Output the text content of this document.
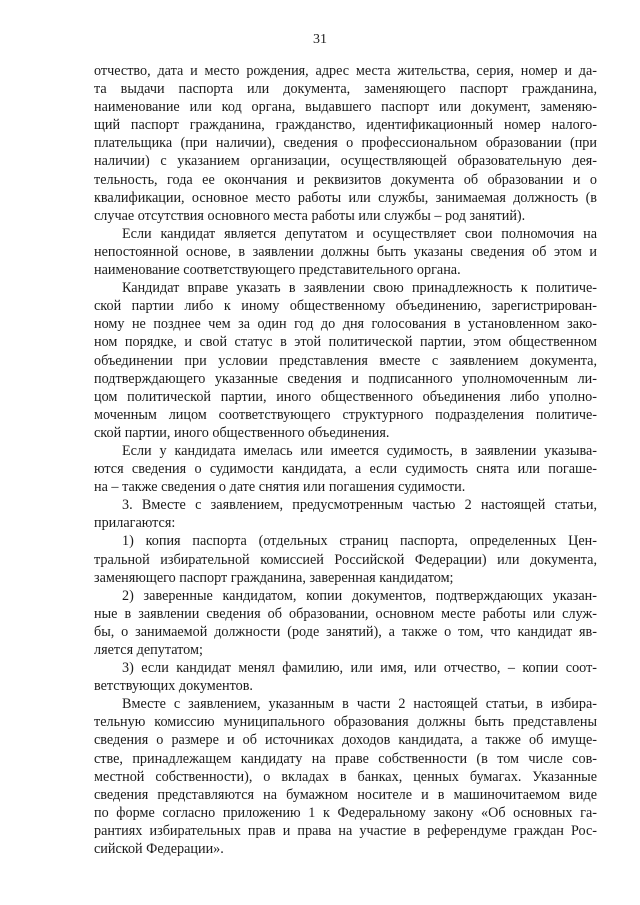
31
отчество, дата и место рождения, адрес места жительства, серия, номер и да-
та выдачи паспорта или документа, заменяющего паспорт гражданина,
наименование или код органа, выдавшего паспорт или документ, заменяю-
щий паспорт гражданина, гражданство, идентификационный номер налого-
плательщика (при наличии), сведения о профессиональном образовании (при
наличии) с указанием организации, осуществляющей образовательную дея-
тельность, года ее окончания и реквизитов документа об образовании и о
квалификации, основное место работы или службы, занимаемая должность (в
случае отсутствия основного места работы или службы – род занятий).
Если кандидат является депутатом и осуществляет свои полномочия на
непостоянной основе, в заявлении должны быть указаны сведения об этом и
наименование соответствующего представительного органа.
Кандидат вправе указать в заявлении свою принадлежность к политиче-
ской партии либо к иному общественному объединению, зарегистрирован-
ному не позднее чем за один год до дня голосования в установленном зако-
ном порядке, и свой статус в этой политической партии, этом общественном
объединении при условии представления вместе с заявлением документа,
подтверждающего указанные сведения и подписанного уполномоченным ли-
цом политической партии, иного общественного объединения либо уполно-
моченным лицом соответствующего структурного подразделения политиче-
ской партии, иного общественного объединения.
Если у кандидата имелась или имеется судимость, в заявлении указыва-
ются сведения о судимости кандидата, а если судимость снята или погаше-
на – также сведения о дате снятия или погашения судимости.
3. Вместе с заявлением, предусмотренным частью 2 настоящей статьи,
прилагаются:
1) копия паспорта (отдельных страниц паспорта, определенных Цен-
тральной избирательной комиссией Российской Федерации) или документа,
заменяющего паспорт гражданина, заверенная кандидатом;
2) заверенные кандидатом, копии документов, подтверждающих указан-
ные в заявлении сведения об образовании, основном месте работы или служ-
бы, о занимаемой должности (роде занятий), а также о том, что кандидат яв-
ляется депутатом;
3) если кандидат менял фамилию, или имя, или отчество, – копии соот-
ветствующих документов.
Вместе с заявлением, указанным в части 2 настоящей статьи, в избира-
тельную комиссию муниципального образования должны быть представлены
сведения о размере и об источниках доходов кандидата, а также об имуще-
стве, принадлежащем кандидату на праве собственности (в том числе сов-
местной собственности), о вкладах в банках, ценных бумагах. Указанные
сведения представляются на бумажном носителе и в машиночитаемом виде
по форме согласно приложению 1 к Федеральному закону «Об основных га-
рантиях избирательных прав и права на участие в референдуме граждан Рос-
сийской Федерации».
